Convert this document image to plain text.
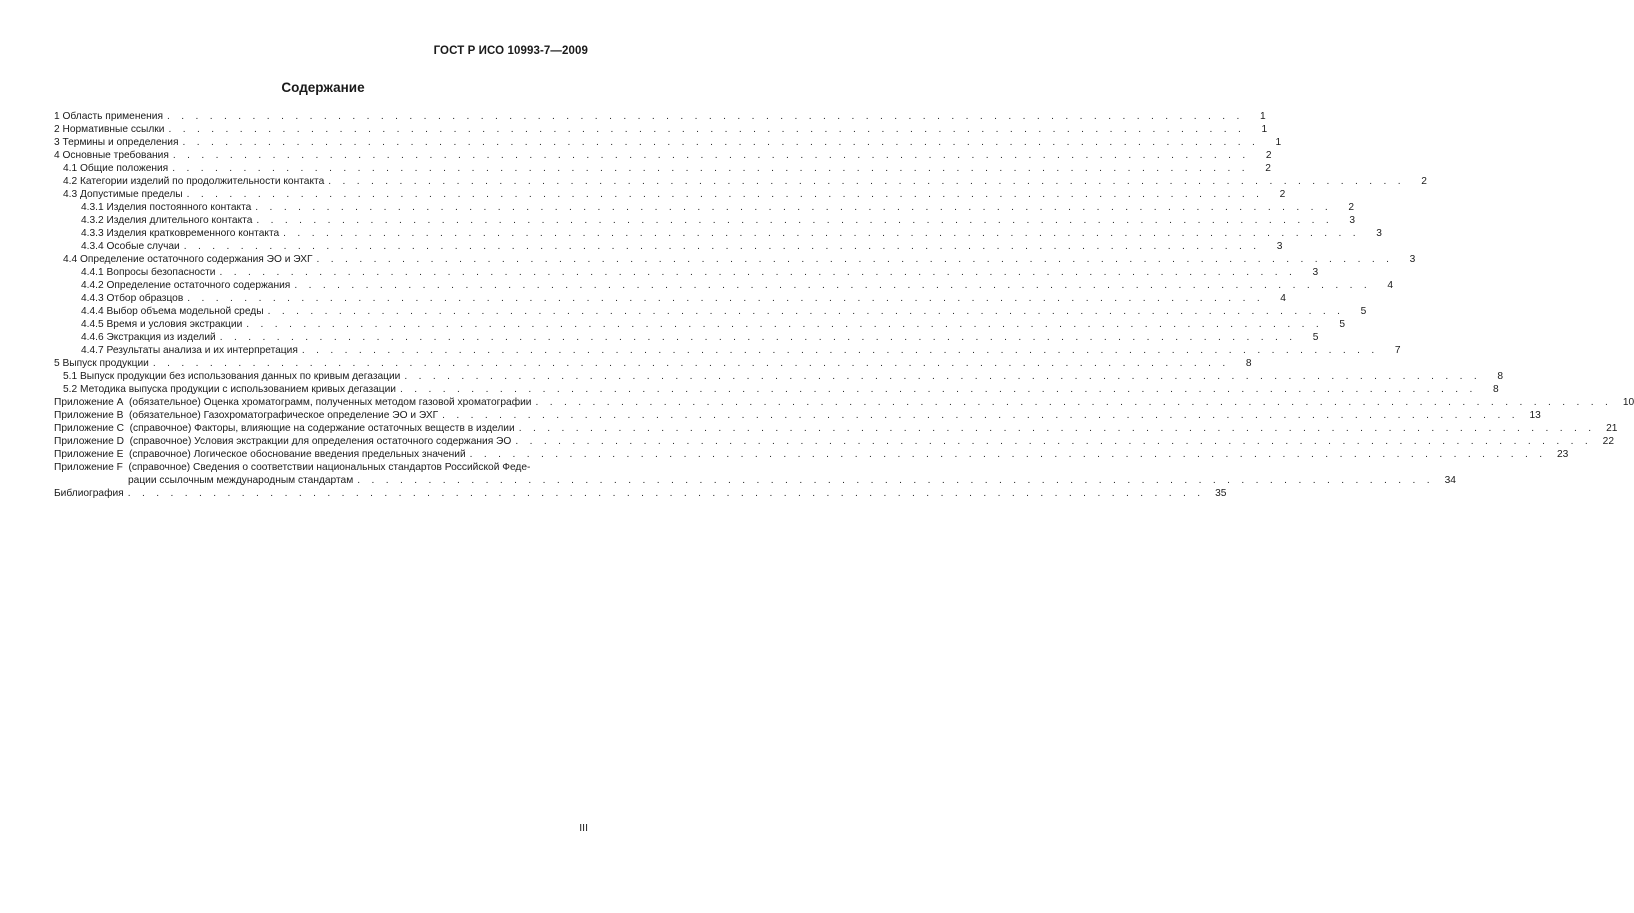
ГОСТ Р ИСО 10993-7—2009
Содержание
1 Область применения . . . . . . . . . . . . . . . . . . . . . . . . . . . . . . . . . . . . . . . . . . . . . . . . . . . . . . . . . . . . . . . . . . . . . . . . . . . .	1
2 Нормативные ссылки . . . . . . . . . . . . . . . . . . . . . . . . . . . . . . . . . . . . . . . . . . . . . . . . . . . . . . . . . . . . . . . . . . . . . . . . . . . .	1
3 Термины и определения . . . . . . . . . . . . . . . . . . . . . . . . . . . . . . . . . . . . . . . . . . . . . . . . . . . . . . . . . . . . . . . . . . . . . . . . . . . .	1
4 Основные требования . . . . . . . . . . . . . . . . . . . . . . . . . . . . . . . . . . . . . . . . . . . . . . . . . . . . . . . . . . . . . . . . . . . . . . . . . . . .	2
4.1 Общие положения . . . . . . . . . . . . . . . . . . . . . . . . . . . . . . . . . . . . . . . . . . . . . . . . . . . . . . . . . . . . . . . . . . . . . . . . . . . .	2
4.2 Категории изделий по продолжительности контакта . . . . . . . . . . . . . . . . . . . . . . . . . . . . . . . . . . . . . . . . . . . . . . . . . . . . . . . . . . . . . . . . . . . . . . . . . . . .	2
4.3 Допустимые пределы . . . . . . . . . . . . . . . . . . . . . . . . . . . . . . . . . . . . . . . . . . . . . . . . . . . . . . . . . . . . . . . . . . . . . . . . . . . .	2
4.3.1 Изделия постоянного контакта . . . . . . . . . . . . . . . . . . . . . . . . . . . . . . . . . . . . . . . . . . . . . . . . . . . . . . . . . . . . . . . . . . . . . . . . . . . .	2
4.3.2 Изделия длительного контакта . . . . . . . . . . . . . . . . . . . . . . . . . . . . . . . . . . . . . . . . . . . . . . . . . . . . . . . . . . . . . . . . . . . . . . . . . . . .	3
4.3.3 Изделия кратковременного контакта . . . . . . . . . . . . . . . . . . . . . . . . . . . . . . . . . . . . . . . . . . . . . . . . . . . . . . . . . . . . . . . . . . . . . . . . . . . .	3
4.3.4 Особые случаи . . . . . . . . . . . . . . . . . . . . . . . . . . . . . . . . . . . . . . . . . . . . . . . . . . . . . . . . . . . . . . . . . . . . . . . . . . . .	3
4.4 Определение остаточного содержания ЭО и ЭХГ . . . . . . . . . . . . . . . . . . . . . . . . . . . . . . . . . . . . . . . . . . . . . . . . . . . . . . . . . . . . . . . . . . . . . . . . . . . .	3
4.4.1 Вопросы безопасности . . . . . . . . . . . . . . . . . . . . . . . . . . . . . . . . . . . . . . . . . . . . . . . . . . . . . . . . . . . . . . . . . . . . . . . . . . . .	3
4.4.2 Определение остаточного содержания . . . . . . . . . . . . . . . . . . . . . . . . . . . . . . . . . . . . . . . . . . . . . . . . . . . . . . . . . . . . . . . . . . . . . . . . . . . .	4
4.4.3 Отбор образцов . . . . . . . . . . . . . . . . . . . . . . . . . . . . . . . . . . . . . . . . . . . . . . . . . . . . . . . . . . . . . . . . . . . . . . . . . . . .	4
4.4.4 Выбор объема модельной среды . . . . . . . . . . . . . . . . . . . . . . . . . . . . . . . . . . . . . . . . . . . . . . . . . . . . . . . . . . . . . . . . . . . . . . . . . . . .	5
4.4.5 Время и условия экстракции . . . . . . . . . . . . . . . . . . . . . . . . . . . . . . . . . . . . . . . . . . . . . . . . . . . . . . . . . . . . . . . . . . . . . . . . . . . .	5
4.4.6 Экстракция из изделий . . . . . . . . . . . . . . . . . . . . . . . . . . . . . . . . . . . . . . . . . . . . . . . . . . . . . . . . . . . . . . . . . . . . . . . . . . . .	5
4.4.7 Результаты анализа и их интерпретация . . . . . . . . . . . . . . . . . . . . . . . . . . . . . . . . . . . . . . . . . . . . . . . . . . . . . . . . . . . . . . . . . . . . . . . . . . . .	7
5 Выпуск продукции . . . . . . . . . . . . . . . . . . . . . . . . . . . . . . . . . . . . . . . . . . . . . . . . . . . . . . . . . . . . . . . . . . . . . . . . . . . .	8
5.1 Выпуск продукции без использования данных по кривым дегазации . . . . . . . . . . . . . . . . . . . . . . . . . . . . . . . . . . . . . . . . . . . . . . . . . . . . . . . . . . . . . . . . . . . . . . . . . . . .	8
5.2 Методика выпуска продукции с использованием кривых дегазации . . . . . . . . . . . . . . . . . . . . . . . . . . . . . . . . . . . . . . . . . . . . . . . . . . . . . . . . . . . . . . . . . . . . . . . . . . . .	8
Приложение А  (обязательное) Оценка хроматограмм, полученных методом газовой хроматографии . . . . . . . . . . . . . . . . . . . . . . . . . . . . . . . . . . . . . . . . . . . . . . . . . . . . . . . . . . . . . . . . . . . . . . . . . . . .	10
Приложение В  (обязательное) Газохроматографическое определение ЭО и ЭХГ . . . . . . . . . . . . . . . . . . . . . . . . . . . . . . . . . . . . . . . . . . . . . . . . . . . . . . . . . . . . . . . . . . . . . . . . . . . .	13
Приложение С  (справочное) Факторы, влияющие на содержание остаточных веществ в изделии . . . . . . . . . . . . . . . . . . . . . . . . . . . . . . . . . . . . . . . . . . . . . . . . . . . . . . . . . . . . . . . . . . . . . . . . . . . .	21
Приложение D  (справочное) Условия экстракции для определения остаточного содержания ЭО . . . . . . . . . . . . . . . . . . . . . . . . . . . . . . . . . . . . . . . . . . . . . . . . . . . . . . . . . . . . . . . . . . . . . . . . . . . .	22
Приложение Е  (справочное) Логическое обоснование введения предельных значений . . . . . . . . . . . . . . . . . . . . . . . . . . . . . . . . . . . . . . . . . . . . . . . . . . . . . . . . . . . . . . . . . . . . . . . . . . . .	23
Приложение F  (справочное) Сведения о соответствии национальных стандартов Российской Феде-
рации ссылочным международным стандартам . . . . . . . . . . . . . . . . . . . . . . . . . . . . . . . . . . . . . . . . . . . . . . . . . . . . . . . . . . . . . . . . . . . . . . . . . . . .	34
Библиография . . . . . . . . . . . . . . . . . . . . . . . . . . . . . . . . . . . . . . . . . . . . . . . . . . . . . . . . . . . . . . . . . . . . . . . . . . . .	35
III
